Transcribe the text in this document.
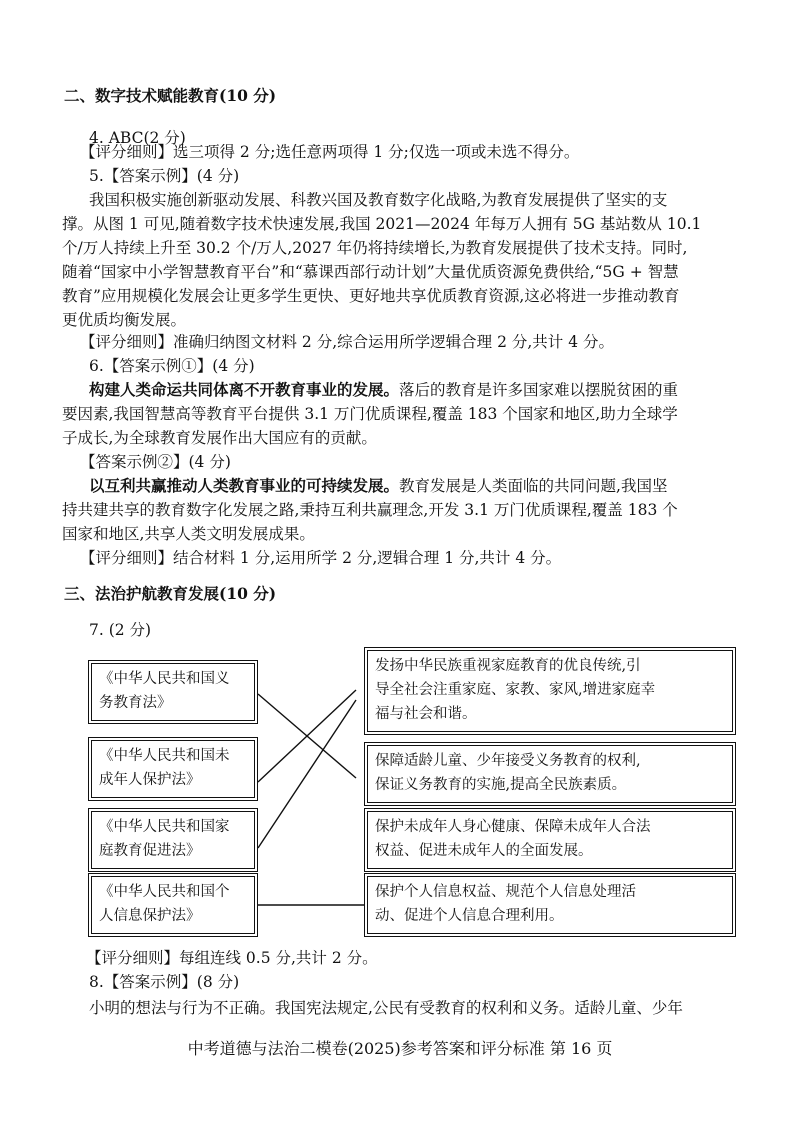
二、数字技术赋能教育(10 分)
4. ABC(2 分)
【评分细则】选三项得 2 分;选任意两项得 1 分;仅选一项或未选不得分。
5.【答案示例】(4 分)
我国积极实施创新驱动发展、科教兴国及教育数字化战略,为教育发展提供了坚实的支
撑。从图 1 可见,随着数字技术快速发展,我国 2021—2024 年每万人拥有 5G 基站数从 10.1
个/万人持续上升至 30.2 个/万人,2027 年仍将持续增长,为教育发展提供了技术支持。同时,
随着“国家中小学智慧教育平台”和“慕课西部行动计划”大量优质资源免费供给,“5G + 智慧
教育”应用规模化发展会让更多学生更快、更好地共享优质教育资源,这必将进一步推动教育
更优质均衡发展。
【评分细则】准确归纳图文材料 2 分,综合运用所学逻辑合理 2 分,共计 4 分。
6.【答案示例①】(4 分)
构建人类命运共同体离不开教育事业的发展。落后的教育是许多国家难以摆脱贫困的重
要因素,我国智慧高等教育平台提供 3.1 万门优质课程,覆盖 183 个国家和地区,助力全球学
子成长,为全球教育发展作出大国应有的贡献。
【答案示例②】(4 分)
以互利共赢推动人类教育事业的可持续发展。教育发展是人类面临的共同问题,我国坚
持共建共享的教育数字化发展之路,秉持互利共赢理念,开发 3.1 万门优质课程,覆盖 183 个
国家和地区,共享人类文明发展成果。
【评分细则】结合材料 1 分,运用所学 2 分,逻辑合理 1 分,共计 4 分。
三、法治护航教育发展(10 分)
7. (2 分)
《中华人民共和国义
务教育法》
《中华人民共和国未
成年人保护法》
《中华人民共和国家
庭教育促进法》
《中华人民共和国个
人信息保护法》
发扬中华民族重视家庭教育的优良传统,引
导全社会注重家庭、家教、家风,增进家庭幸
福与社会和谐。
保障适龄儿童、少年接受义务教育的权利,
保证义务教育的实施,提高全民族素质。
保护未成年人身心健康、保障未成年人合法
权益、促进未成年人的全面发展。
保护个人信息权益、规范个人信息处理活
动、促进个人信息合理利用。
【评分细则】每组连线 0.5 分,共计 2 分。
8.【答案示例】(8 分)
小明的想法与行为不正确。我国宪法规定,公民有受教育的权利和义务。适龄儿童、少年
中考道德与法治二模卷(2025)参考答案和评分标准 第 16 页
